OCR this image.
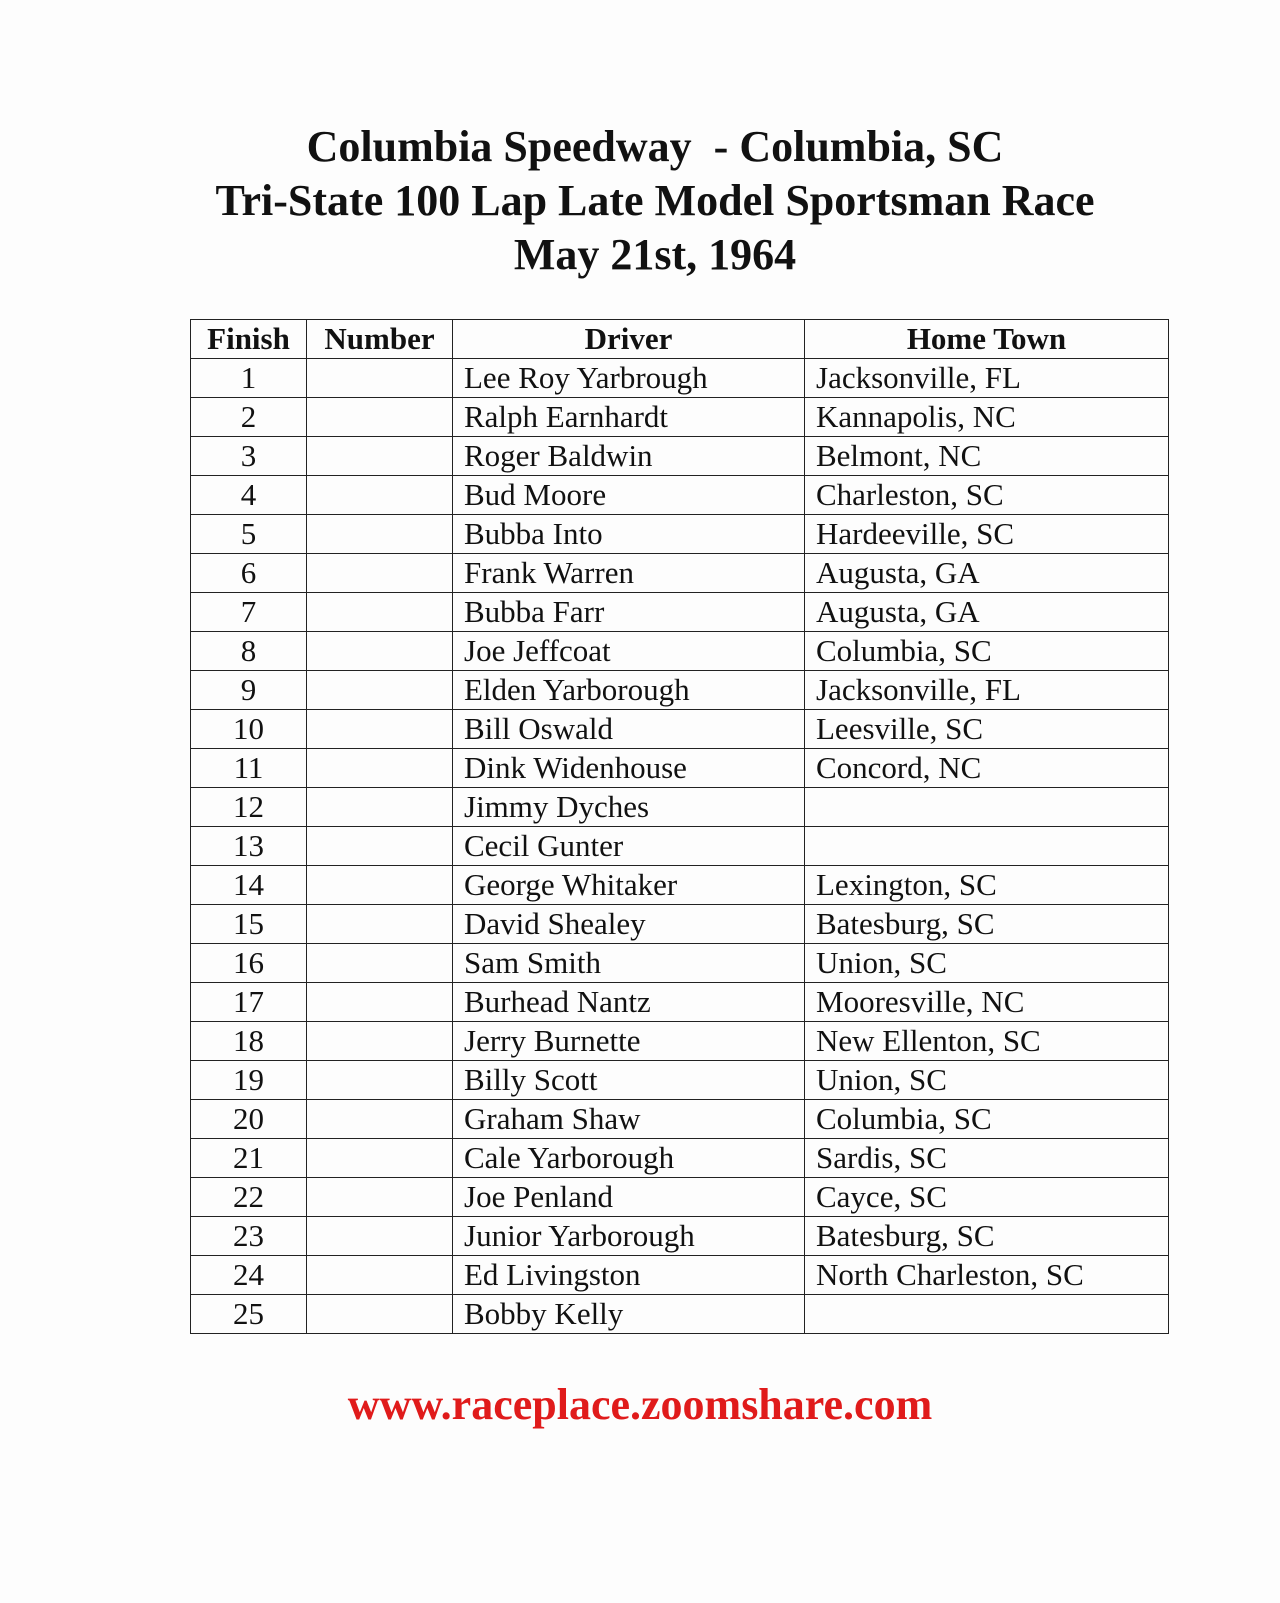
Columbia Speedway  - Columbia, SC
Tri-State 100 Lap Late Model Sportsman Race
May 21st, 1964
Finish	Number	Driver	Home Town
1		Lee Roy Yarbrough	Jacksonville, FL
2		Ralph Earnhardt	Kannapolis, NC
3		Roger Baldwin	Belmont, NC
4		Bud Moore	Charleston, SC
5		Bubba Into	Hardeeville, SC
6		Frank Warren	Augusta, GA
7		Bubba Farr	Augusta, GA
8		Joe Jeffcoat	Columbia, SC
9		Elden Yarborough	Jacksonville, FL
10		Bill Oswald	Leesville, SC
11		Dink Widenhouse	Concord, NC
12		Jimmy Dyches	
13		Cecil Gunter	
14		George Whitaker	Lexington, SC
15		David Shealey	Batesburg, SC
16		Sam Smith	Union, SC
17		Burhead Nantz	Mooresville, NC
18		Jerry Burnette	New Ellenton, SC
19		Billy Scott	Union, SC
20		Graham Shaw	Columbia, SC
21		Cale Yarborough	Sardis, SC
22		Joe Penland	Cayce, SC
23		Junior Yarborough	Batesburg, SC
24		Ed Livingston	North Charleston, SC
25		Bobby Kelly	
www.raceplace.zoomshare.com
